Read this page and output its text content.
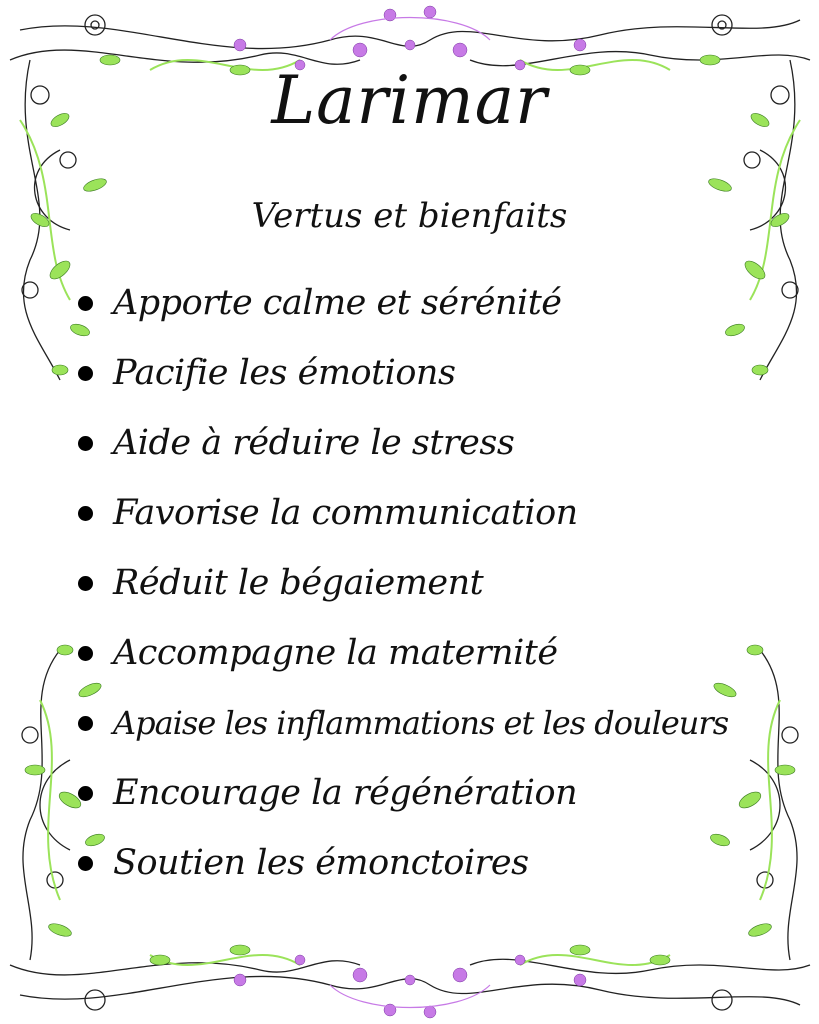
Larimar
Vertus et bienfaits
Apporte calme et sérénité
Pacifie les émotions
Aide à réduire le stress
Favorise la communication
Réduit le bégaiement
Accompagne la maternité
Apaise les inflammations et les douleurs
Encourage la régénération
Soutien les émonctoires
